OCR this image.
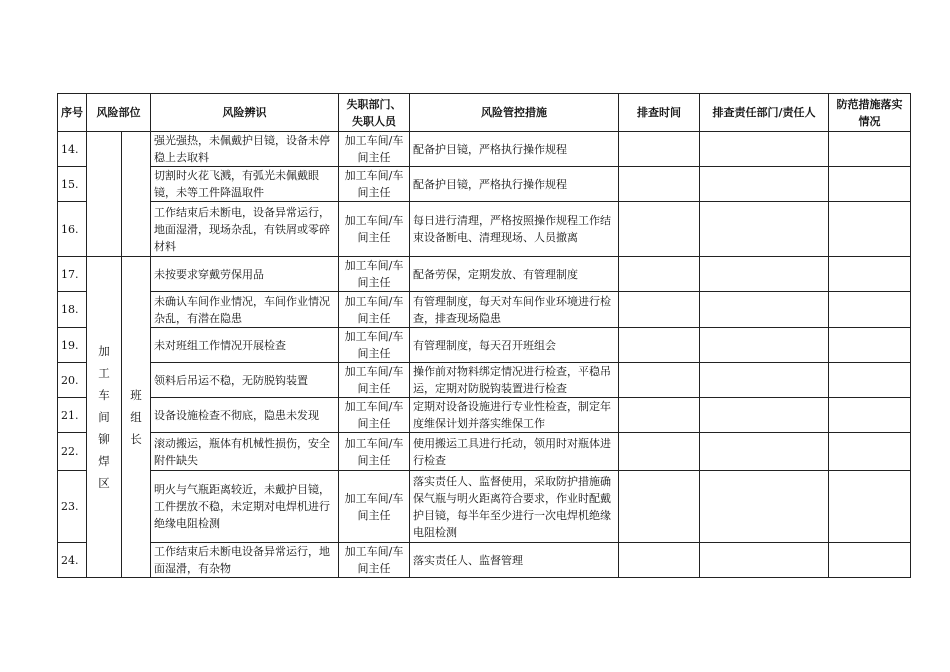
序号	风险部位		风险辨识	失职部门、失职人员	风险管控措施	排查时间	排查责任部门/责任人	防范措施落实情况
14.			强光强热，未佩戴护目镜，设备未停稳上去取料	加工车间/车间主任	配备护目镜，严格执行操作规程			
15.			切割时火花飞溅，有弧光未佩戴眼镜，未等工件降温取件	加工车间/车间主任	配备护目镜，严格执行操作规程			
16.			工作结束后未断电，设备异常运行，地面湿滑，现场杂乱，有铁屑或零碎材料	加工车间/车间主任	每日进行清理，严格按照操作规程工作结束设备断电、清理现场、人员撤离			
17.	加工车间铆焊区	班组长	未按要求穿戴劳保用品	加工车间/车间主任	配备劳保，定期发放、有管理制度			
18.			未确认车间作业情况，车间作业情况杂乱，有潜在隐患	加工车间/车间主任	有管理制度，每天对车间作业环境进行检查，排查现场隐患			
19.			未对班组工作情况开展检查	加工车间/车间主任	有管理制度，每天召开班组会			
20.			领料后吊运不稳，无防脱钩装置	加工车间/车间主任	操作前对物料绑定情况进行检查，平稳吊运，定期对防脱钩装置进行检查			
21.			设备设施检查不彻底，隐患未发现	加工车间/车间主任	定期对设备设施进行专业性检查，制定年度维保计划并落实维保工作			
22.			滚动搬运，瓶体有机械性损伤，安全附件缺失	加工车间/车间主任	使用搬运工具进行托动，领用时对瓶体进行检查			
23.			明火与气瓶距离较近，未戴护目镜，工件摆放不稳，未定期对电焊机进行绝缘电阻检测	加工车间/车间主任	落实责任人、监督使用，采取防护措施确保气瓶与明火距离符合要求，作业时配戴护目镜，每半年至少进行一次电焊机绝缘电阻检测			
24.			工作结束后未断电设备异常运行，地面湿滑，有杂物	加工车间/车间主任	落实责任人、监督管理			
